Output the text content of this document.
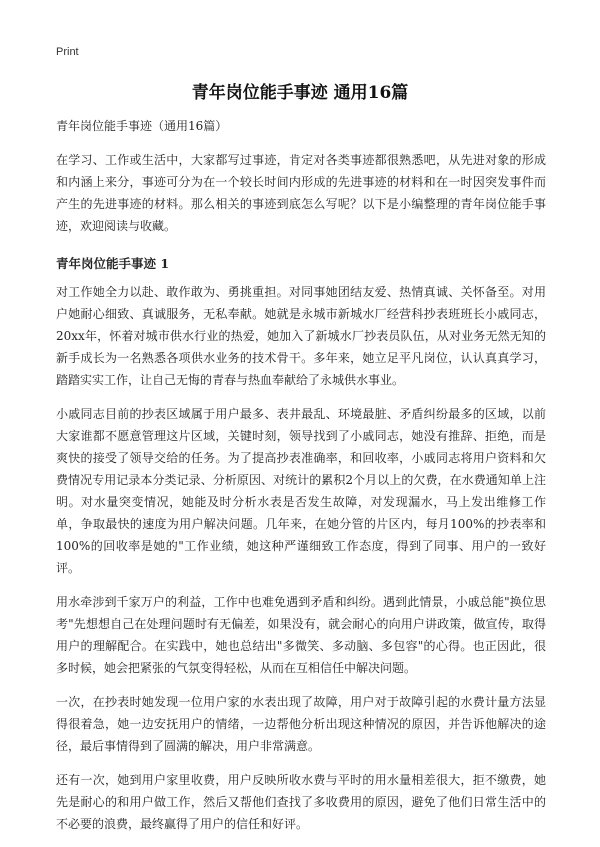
Print
青年岗位能手事迹 通用16篇
青年岗位能手事迹（通用16篇）

在学习、工作或生活中，大家都写过事迹，肯定对各类事迹都很熟悉吧，从先进对象的形成和内涵上来分，事迹可分为在一个较长时间内形成的先进事迹的材料和在一时因突发事件而产生的先进事迹的材料。那么相关的事迹到底怎么写呢？以下是小编整理的青年岗位能手事迹，欢迎阅读与收藏。

青年岗位能手事迹 1

对工作她全力以赴、敢作敢为、勇挑重担。对同事她团结友爱、热情真诚、关怀备至。对用户她耐心细致、真诚服务，无私奉献。她就是永城市新城水厂经营科抄表班班长小戚同志，20xx年，怀着对城市供水行业的热爱，她加入了新城水厂抄表员队伍，从对业务无然无知的新手成长为一名熟悉各项供水业务的技术骨干。多年来，她立足平凡岗位，认认真真学习，踏踏实实工作，让自己无悔的青春与热血奉献给了永城供水事业。

小戚同志目前的抄表区域属于用户最多、表井最乱、环境最脏、矛盾纠纷最多的区域，以前大家谁都不愿意管理这片区域，关键时刻，领导找到了小戚同志，她没有推辞、拒绝，而是爽快的接受了领导交给的任务。为了提高抄表准确率，和回收率，小戚同志将用户资料和欠费情况专用记录本分类记录、分析原因、对统计的累积2个月以上的欠费，在水费通知单上注明。对水量突变情况，她能及时分析水表是否发生故障，对发现漏水，马上发出维修工作单，争取最快的速度为用户解决问题。几年来，在她分管的片区内，每月100%的抄表率和100%的回收率是她的"工作业绩，她这种严谨细致工作态度，得到了同事、用户的一致好评。

用水牵涉到千家万户的利益，工作中也难免遇到矛盾和纠纷。遇到此情景，小戚总能"换位思考"先想想自己在处理问题时有无偏差，如果没有，就会耐心的向用户讲政策，做宣传，取得用户的理解配合。在实践中，她也总结出"多微笑、多动脑、多包容"的心得。也正因此，很多时候，她会把紧张的气氛变得轻松，从而在互相信任中解决问题。

一次，在抄表时她发现一位用户家的水表出现了故障，用户对于故障引起的水费计量方法显得很着急，她一边安抚用户的情绪，一边帮他分析出现这种情况的原因，并告诉他解决的途径，最后事情得到了圆满的解决，用户非常满意。

还有一次，她到用户家里收费，用户反映所收水费与平时的用水量相差很大，拒不缴费，她先是耐心的和用户做工作，然后又帮他们查找了多收费用的原因，避免了他们日常生活中的不必要的浪费，最终赢得了用户的信任和好评。
